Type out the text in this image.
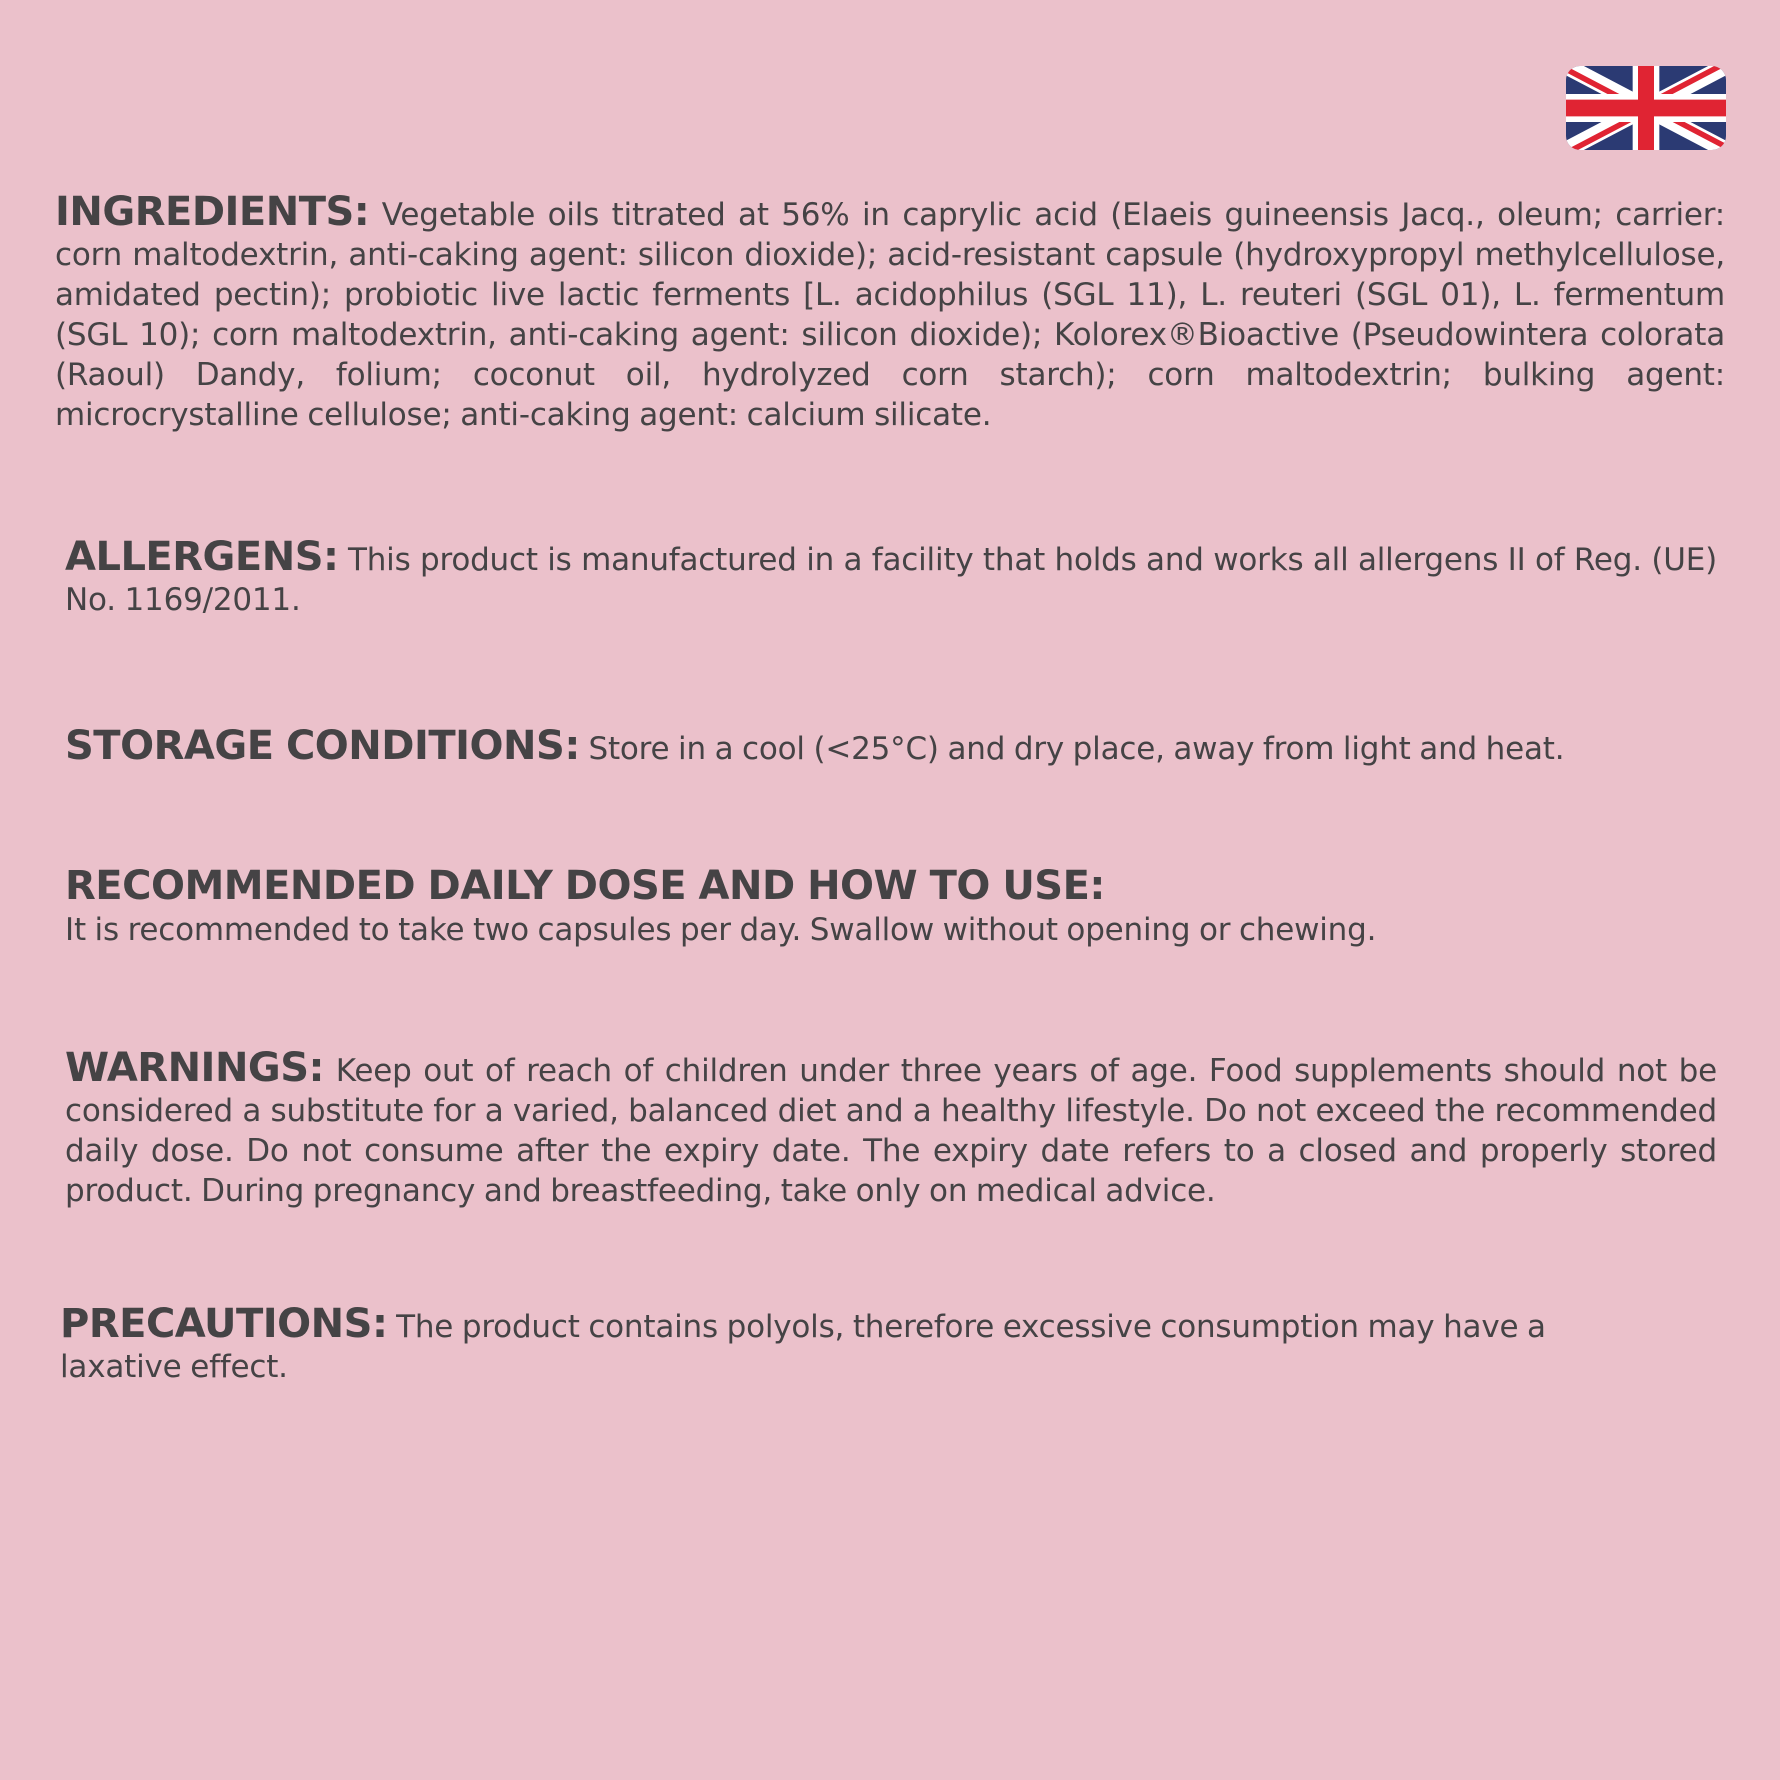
INGREDIENTS: Vegetable oils titrated at 56% in caprylic acid (Elaeis guineensis Jacq., oleum; carrier: corn maltodextrin, anti-caking agent: silicon dioxide); acid-resistant capsule (hydroxypropyl methylcellulose, amidated pectin); probiotic live lactic ferments [L. acidophilus (SGL 11), L. reuteri (SGL 01), L. fermentum (SGL 10); corn maltodextrin, anti-caking agent: silicon dioxide); Kolorex®Bioactive (Pseudowintera colorata (Raoul) Dandy, folium; coconut oil, hydrolyzed corn starch); corn maltodextrin; bulking agent: microcrystalline cellulose; anti-caking agent: calcium silicate.
ALLERGENS: This product is manufactured in a facility that holds and works all allergens II of Reg. (UE) No. 1169/2011.
STORAGE CONDITIONS: Store in a cool (<25°C) and dry place, away from light and heat.
RECOMMENDED DAILY DOSE AND HOW TO USE:
It is recommended to take two capsules per day. Swallow without opening or chewing.
WARNINGS: Keep out of reach of children under three years of age. Food supplements should not be considered a substitute for a varied, balanced diet and a healthy lifestyle. Do not exceed the recommended daily dose. Do not consume after the expiry date. The expiry date refers to a closed and properly stored product. During pregnancy and breastfeeding, take only on medical advice.
PRECAUTIONS: The product contains polyols, therefore excessive consumption may have a laxative effect.
